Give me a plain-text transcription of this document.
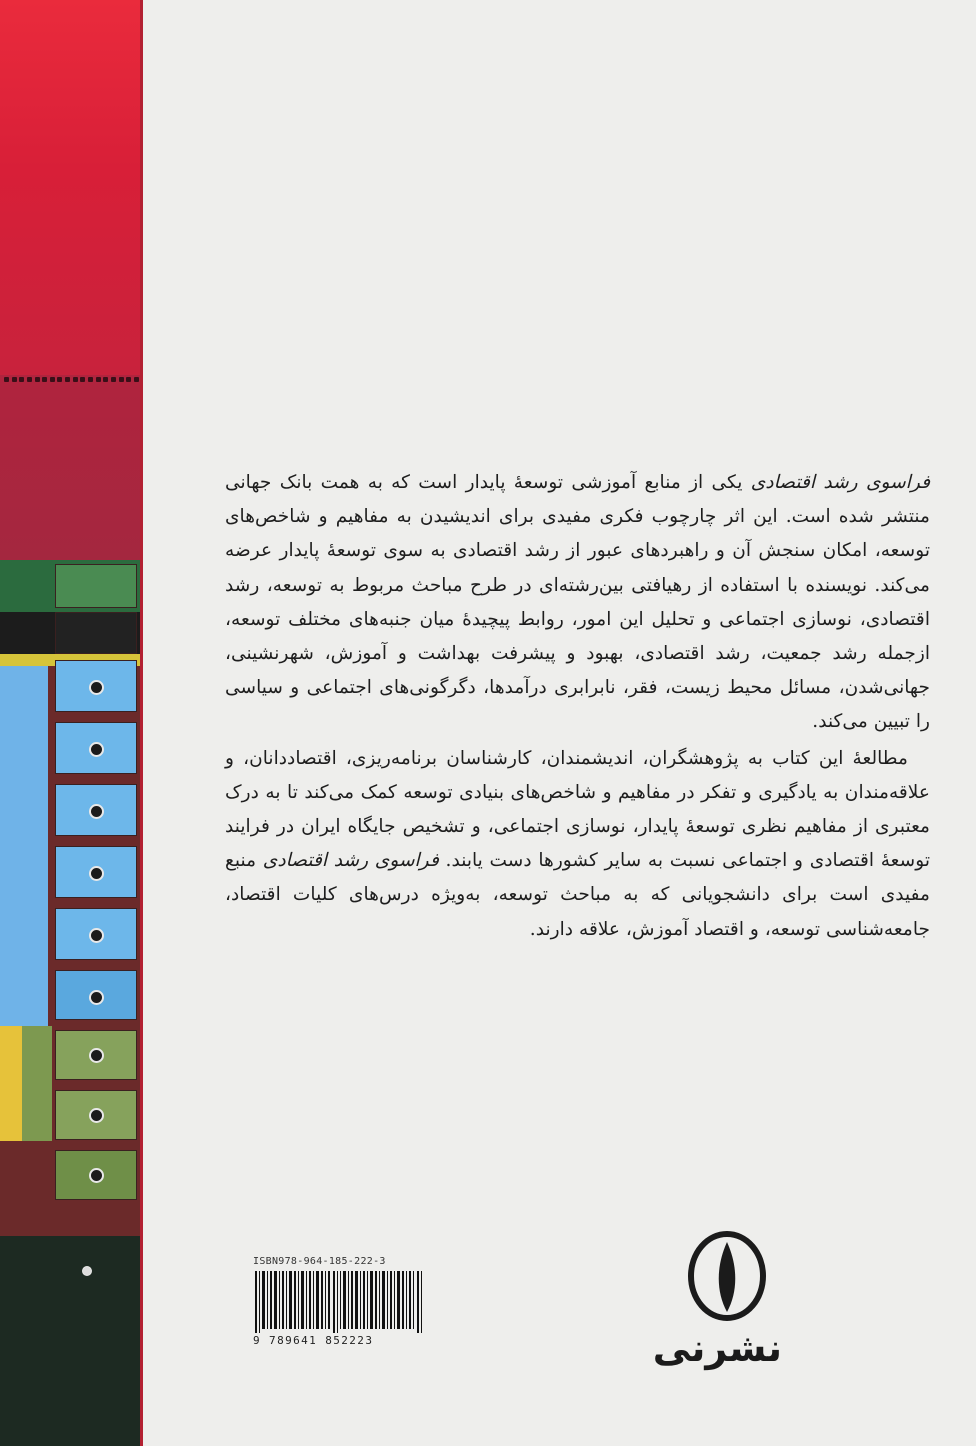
فراسوی رشد اقتصادی یکی از منابع آموزشی توسعهٔ پایدار است که به همت بانک جهانی منتشر شده است. این اثر چارچوب فکری مفیدی برای اندیشیدن به مفاهیم و شاخص‌های توسعه، امکان سنجش آن و راهبردهای عبور از رشد اقتصادی به سوی توسعهٔ پایدار عرضه می‌کند. نویسنده با استفاده از رهیافتی بین‌رشته‌ای در طرح مباحث مربوط به توسعه، رشد اقتصادی، نوسازی اجتماعی و تحلیل این امور، روابط پیچیدهٔ میان جنبه‌های مختلف توسعه، ازجمله رشد جمعیت، رشد اقتصادی، بهبود و پیشرفت بهداشت و آموزش، شهرنشینی، جهانی‌شدن، مسائل محیط زیست، فقر، نابرابری درآمدها، دگرگونی‌های اجتماعی و سیاسی را تبیین می‌کند.

مطالعهٔ این کتاب به پژوهشگران، اندیشمندان، کارشناسان برنامه‌ریزی، اقتصاددانان، و علاقه‌مندان به یادگیری و تفکر در مفاهیم و شاخص‌های بنیادی توسعه کمک می‌کند تا به درک معتبری از مفاهیم نظری توسعهٔ پایدار، نوسازی اجتماعی، و تشخیص جایگاه ایران در فرایند توسعهٔ اقتصادی و اجتماعی نسبت به سایر کشورها دست یابند. فراسوی رشد اقتصادی منبع مفیدی است برای دانشجویانی که به مباحث توسعه، به‌ویژه درس‌های کلیات اقتصاد، جامعه‌شناسی توسعه، و اقتصاد آموزش، علاقه دارند.

ISBN978-964-185-222-3
9 789641 852223	نشرنی
